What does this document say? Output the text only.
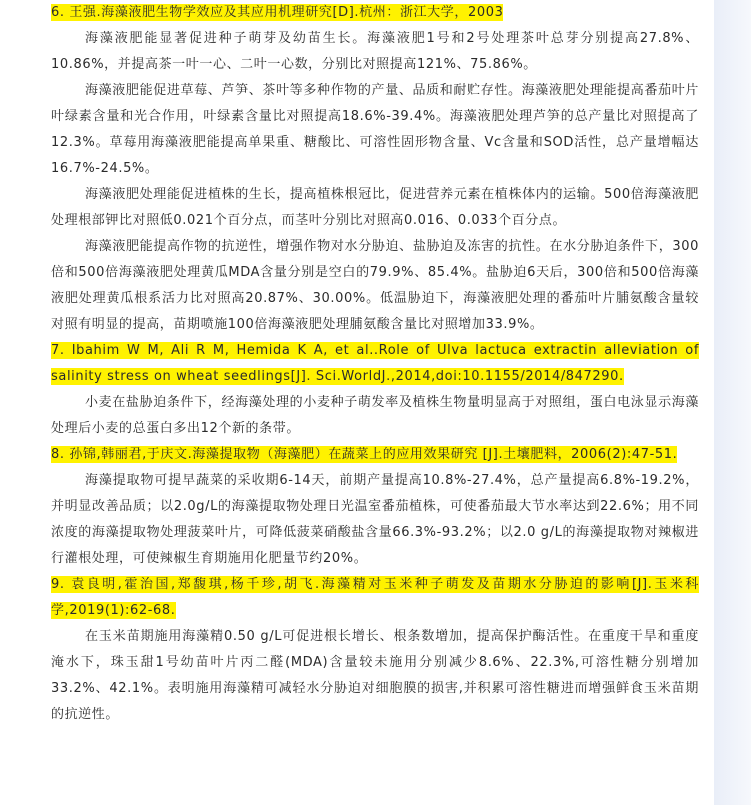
6. 王强.海藻液肥生物学效应及其应用机理研究[D].杭州：浙江大学，2003

海藻液肥能显著促进种子萌芽及幼苗生长。海藻液肥1号和2号处理茶叶总芽分别提高27.8%、10.86%，并提高茶一叶一心、二叶一心数，分别比对照提高121%、75.86%。

海藻液肥能促进草莓、芦笋、茶叶等多种作物的产量、品质和耐贮存性。海藻液肥处理能提高番茄叶片叶绿素含量和光合作用，叶绿素含量比对照提高18.6%-39.4%。海藻液肥处理芦笋的总产量比对照提高了12.3%。草莓用海藻液肥能提高单果重、糖酸比、可溶性固形物含量、Vc含量和SOD活性，总产量增幅达16.7%-24.5%。

海藻液肥处理能促进植株的生长，提高植株根冠比，促进营养元素在植株体内的运输。500倍海藻液肥处理根部钾比对照低0.021个百分点，而茎叶分别比对照高0.016、0.033个百分点。

海藻液肥能提高作物的抗逆性，增强作物对水分胁迫、盐胁迫及冻害的抗性。在水分胁迫条件下，300倍和500倍海藻液肥处理黄瓜MDA含量分别是空白的79.9%、85.4%。盐胁迫6天后，300倍和500倍海藻液肥处理黄瓜根系活力比对照高20.87%、30.00%。低温胁迫下，海藻液肥处理的番茄叶片脯氨酸含量较对照有明显的提高，苗期喷施100倍海藻液肥处理脯氨酸含量比对照增加33.9%。

7. Ibahim W M, Ali R M, Hemida K A, et al..Role of Ulva lactuca extractin alleviation of salinity stress on wheat seedlings[J]. Sci.WorldJ.,2014,doi:10.1155/2014/847290.

小麦在盐胁迫条件下，经海藻处理的小麦种子萌发率及植株生物量明显高于对照组，蛋白电泳显示海藻处理后小麦的总蛋白多出12个新的条带。

8. 孙锦,韩丽君,于庆文.海藻提取物（海藻肥）在蔬菜上的应用效果研究 [J].土壤肥料，2006(2):47-51.

海藻提取物可提早蔬菜的采收期6-14天，前期产量提高10.8%-27.4%，总产量提高6.8%-19.2%，并明显改善品质；以2.0g/L的海藻提取物处理日光温室番茄植株，可使番茄最大节水率达到22.6%；用不同浓度的海藻提取物处理菠菜叶片，可降低菠菜硝酸盐含量66.3%-93.2%；以2.0 g/L的海藻提取物对辣椒进行灌根处理，可使辣椒生育期施用化肥量节约20%。

9. 袁良明,霍治国,郑馥琪,杨千珍,胡飞.海藻精对玉米种子萌发及苗期水分胁迫的影响[J].玉米科学,2019(1):62-68.

在玉米苗期施用海藻精0.50 g/L可促进根长增长、根条数增加，提高保护酶活性。在重度干旱和重度淹水下，珠玉甜1号幼苗叶片丙二醛(MDA)含量较未施用分别减少8.6%、22.3%,可溶性糖分别增加33.2%、42.1%。表明施用海藻精可减轻水分胁迫对细胞膜的损害,并积累可溶性糖进而增强鲜食玉米苗期的抗逆性。
